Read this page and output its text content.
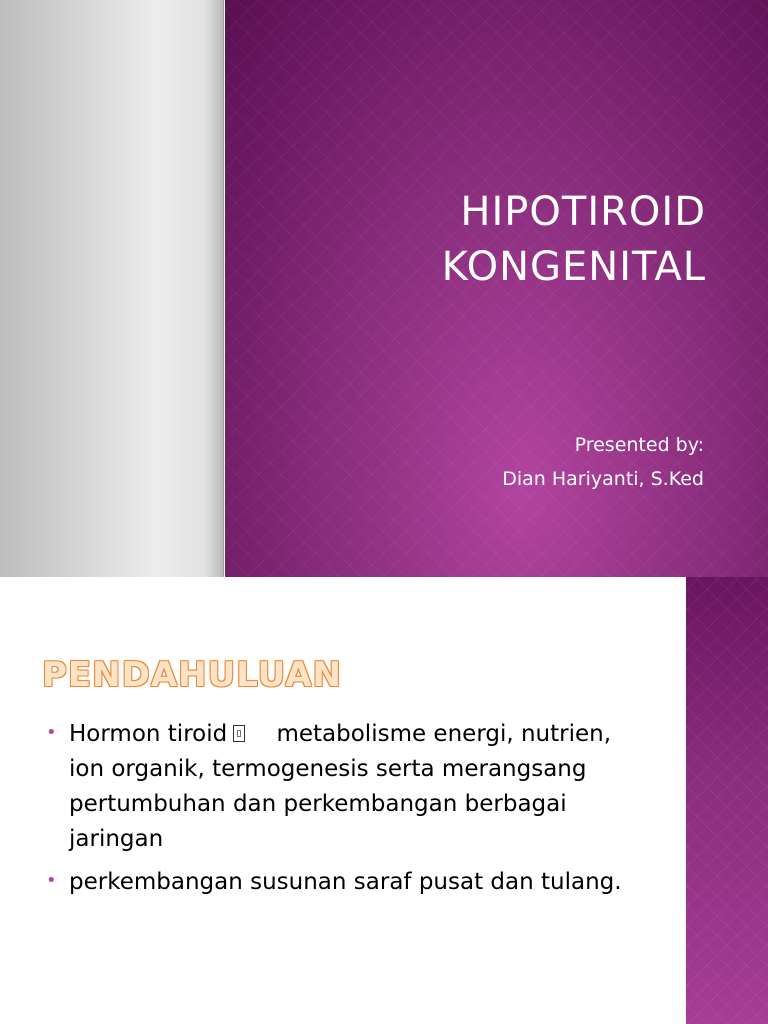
HIPOTIROID
KONGENITAL
Presented by:
Dian Hariyanti, S.Ked
PENDAHULUAN
• Hormon tiroid metabolisme energi, nutrien, ion organik, termogenesis serta merangsang pertumbuhan dan perkembangan berbagai jaringan
• perkembangan susunan saraf pusat dan tulang.
